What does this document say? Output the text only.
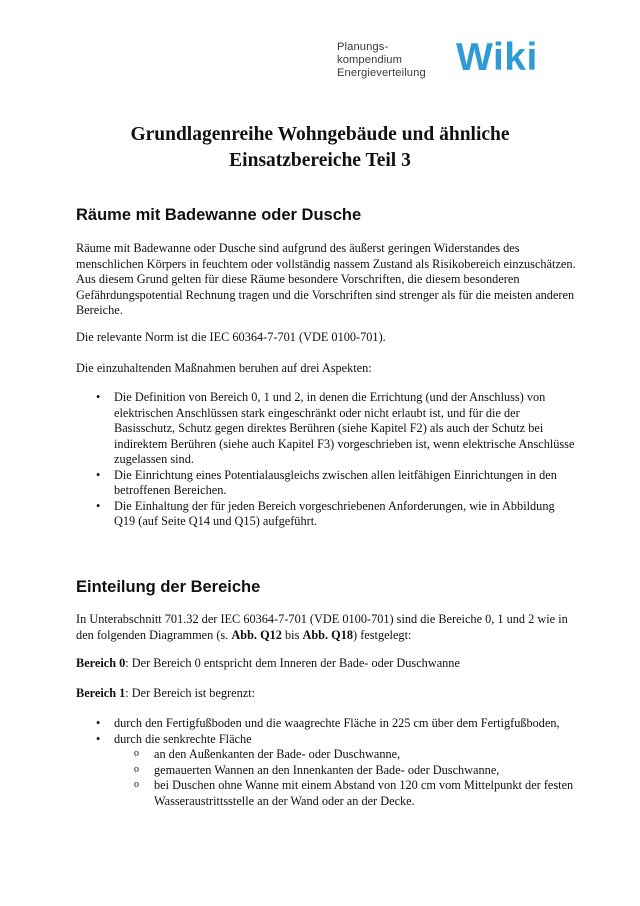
Planungs-
kompendium
Energieverteilung Wiki
Grundlagenreihe Wohngebäude und ähnliche
Einsatzbereiche Teil 3
Räume mit Badewanne oder Dusche

Räume mit Badewanne oder Dusche sind aufgrund des äußerst geringen Widerstandes des menschlichen Körpers in feuchtem oder vollständig nassem Zustand als Risikobereich einzuschätzen. Aus diesem Grund gelten für diese Räume besondere Vorschriften, die diesem besonderen Gefährdungspotential Rechnung tragen und die Vorschriften sind strenger als für die meisten anderen Bereiche.

Die relevante Norm ist die IEC 60364-7-701 (VDE 0100-701).

Die einzuhaltenden Maßnahmen beruhen auf drei Aspekten:

• Die Definition von Bereich 0, 1 und 2, in denen die Errichtung (und der Anschluss) von elektrischen Anschlüssen stark eingeschränkt oder nicht erlaubt ist, und für die der Basisschutz, Schutz gegen direktes Berühren (siehe Kapitel F2) als auch der Schutz bei indirektem Berühren (siehe auch Kapitel F3) vorgeschrieben ist, wenn elektrische Anschlüsse zugelassen sind.
• Die Einrichtung eines Potentialausgleichs zwischen allen leitfähigen Einrichtungen in den betroffenen Bereichen.
• Die Einhaltung der für jeden Bereich vorgeschriebenen Anforderungen, wie in Abbildung Q19 (auf Seite Q14 und Q15) aufgeführt.
Einteilung der Bereiche

In Unterabschnitt 701.32 der IEC 60364-7-701 (VDE 0100-701) sind die Bereiche 0, 1 und 2 wie in den folgenden Diagrammen (s. Abb. Q12 bis Abb. Q18) festgelegt:

Bereich 0: Der Bereich 0 entspricht dem Inneren der Bade- oder Duschwanne

Bereich 1: Der Bereich ist begrenzt:

• durch den Fertigfußboden und die waagrechte Fläche in 225 cm über dem Fertigfußboden,
• durch die senkrechte Fläche
o an den Außenkanten der Bade- oder Duschwanne,
o gemauerten Wannen an den Innenkanten der Bade- oder Duschwanne,
o bei Duschen ohne Wanne mit einem Abstand von 120 cm vom Mittelpunkt der festen Wasseraustrittsstelle an der Wand oder an der Decke.
